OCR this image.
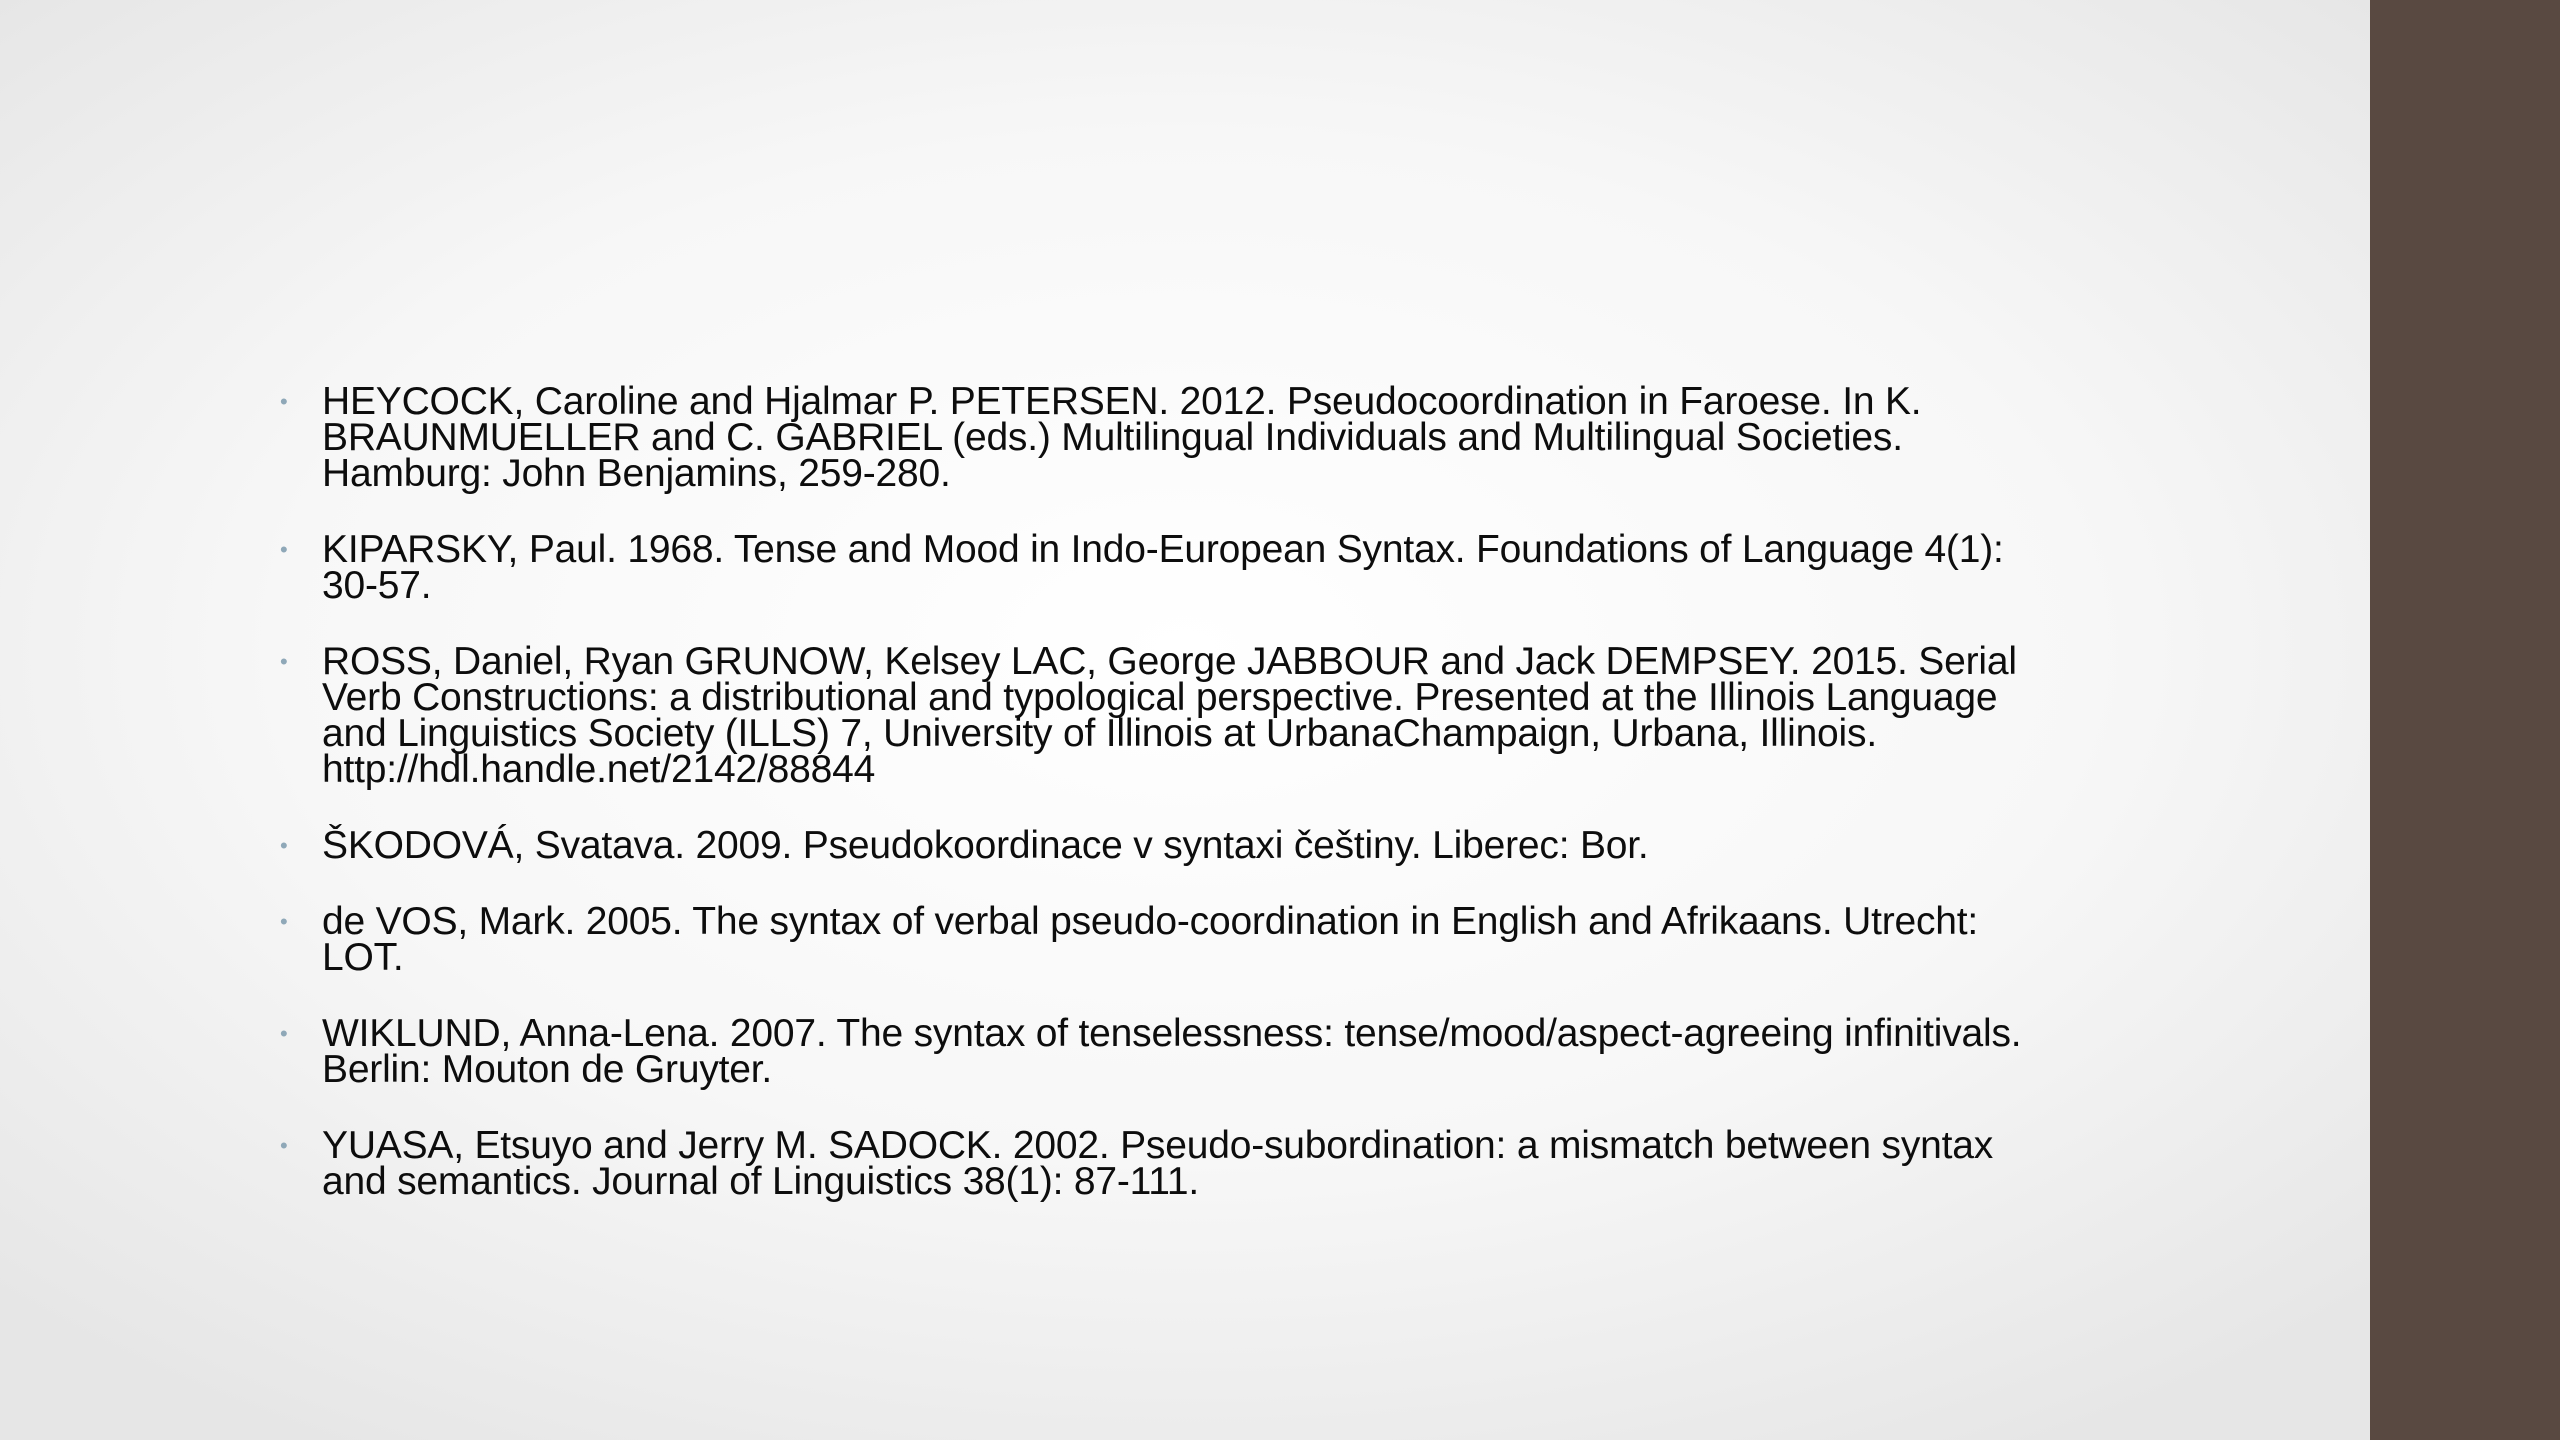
• HEYCOCK, Caroline and Hjalmar P. PETERSEN. 2012. Pseudocoordination in Faroese. In K. BRAUNMUELLER and C. GABRIEL (eds.) Multilingual Individuals and Multilingual Societies. Hamburg: John Benjamins, 259-280.
• KIPARSKY, Paul. 1968. Tense and Mood in Indo-European Syntax. Foundations of Language 4(1): 30-57.
• ROSS, Daniel, Ryan GRUNOW, Kelsey LAC, George JABBOUR and Jack DEMPSEY. 2015. Serial Verb Constructions: a distributional and typological perspective. Presented at the Illinois Language and Linguistics Society (ILLS) 7, University of Illinois at UrbanaChampaign, Urbana, Illinois. http://hdl.handle.net/2142/88844
• ŠKODOVÁ, Svatava. 2009. Pseudokoordinace v syntaxi češtiny. Liberec: Bor.
• de VOS, Mark. 2005. The syntax of verbal pseudo-coordination in English and Afrikaans. Utrecht: LOT.
• WIKLUND, Anna-Lena. 2007. The syntax of tenselessness: tense/mood/aspect-agreeing infinitivals. Berlin: Mouton de Gruyter.
• YUASA, Etsuyo and Jerry M. SADOCK. 2002. Pseudo-subordination: a mismatch between syntax and semantics. Journal of Linguistics 38(1): 87-111.
